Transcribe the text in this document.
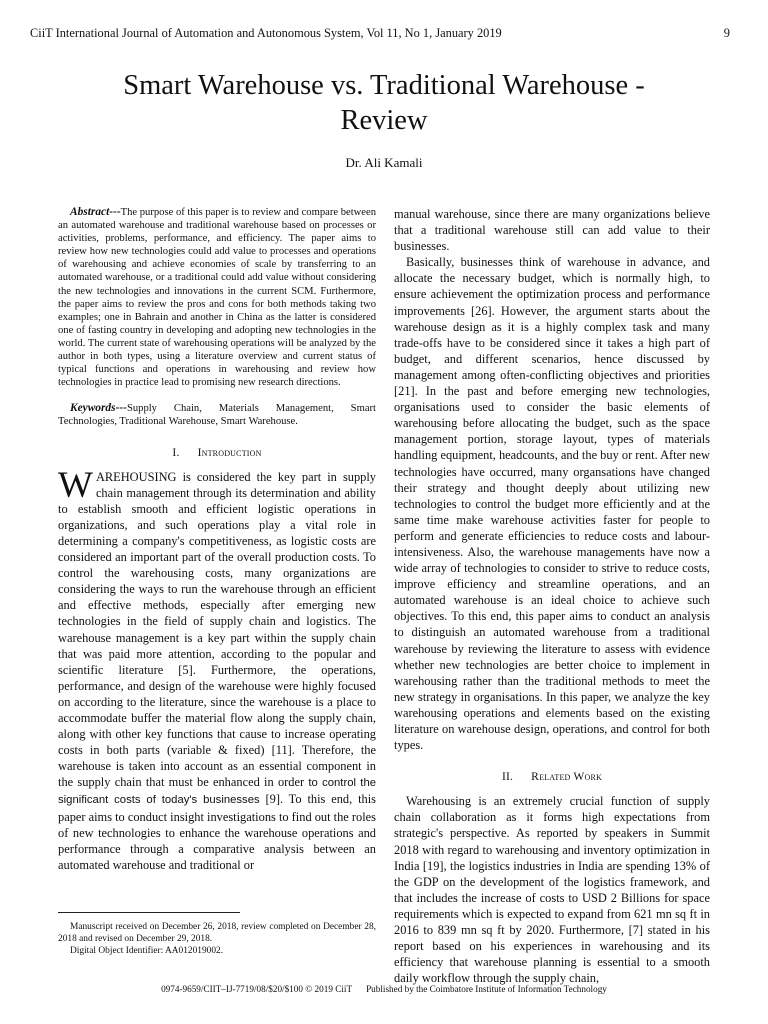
CiiT International Journal of Automation and Autonomous System, Vol 11, No 1, January 2019	9
Smart Warehouse vs. Traditional Warehouse -
Review
Dr. Ali Kamali

Abstract---The purpose of this paper is to review and compare between an automated warehouse and traditional warehouse based on processes or activities, problems, performance, and efficiency. The paper aims to review how new technologies could add value to processes and operations of warehousing and achieve economies of scale by transferring to an automated warehouse, or a traditional could add value without considering the new technologies and innovations in the current SCM. Furthermore, the paper aims to review the pros and cons for both methods taking two examples; one in Bahrain and another in China as the latter is considered one of fasting country in developing and adopting new technologies in the world. The current state of warehousing operations will be analyzed by the author in both types, using a literature overview and current status of typical functions and operations in warehousing and review how technologies in practice lead to promising new research directions.

Keywords---Supply Chain, Materials Management, Smart Technologies, Traditional Warehouse, Smart Warehouse.

I. Introduction

WAREHOUSING is considered the key part in supply chain management through its determination and ability to establish smooth and efficient logistic operations in organizations, and such operations play a vital role in determining a company's competitiveness, as logistic costs are considered an important part of the overall production costs. To control the warehousing costs, many organizations are considering the ways to run the warehouse through an efficient and effective methods, especially after emerging new technologies in the field of supply chain and logistics. The warehouse management is a key part within the supply chain that was paid more attention, according to the popular and scientific literature [5]. Furthermore, the operations, performance, and design of the warehouse were highly focused on according to the literature, since the warehouse is a place to accommodate buffer the material flow along the supply chain, along with other key functions that cause to increase operating costs in both parts (variable & fixed) [11]. Therefore, the warehouse is taken into account as an essential component in the supply chain that must be enhanced in order to control the significant costs of today's businesses [9]. To this end, this paper aims to conduct insight investigations to find out the roles of new technologies to enhance the warehouse operations and performance through a comparative analysis between an automated warehouse and traditional or

manual warehouse, since there are many organizations believe that a traditional warehouse still can add value to their businesses.

Basically, businesses think of warehouse in advance, and allocate the necessary budget, which is normally high, to ensure achievement the optimization process and performance improvements [26]. However, the argument starts about the warehouse design as it is a highly complex task and many trade-offs have to be considered since it takes a high part of budget, and different scenarios, hence discussed by management among often-conflicting objectives and priorities [21]. In the past and before emerging new technologies, organisations used to consider the basic elements of warehousing before allocating the budget, such as the space management portion, storage layout, types of materials handling equipment, headcounts, and the buy or rent. After new technologies have occurred, many organsations have changed their strategy and thought deeply about utilizing new technologies to control the budget more efficiently and at the same time make warehouse activities faster for people to perform and generate efficiencies to reduce costs and labour-intensiveness. Also, the warehouse managements have now a wide array of technologies to consider to strive to reduce costs, improve efficiency and streamline operations, and an automated warehouse is an ideal choice to achieve such objectives. To this end, this paper aims to conduct an analysis to distinguish an automated warehouse from a traditional warehouse by reviewing the literature to assess with evidence whether new technologies are better choice to implement in warehousing rather than the traditional methods to meet the new strategy in organisations. In this paper, we analyze the key warehousing operations and elements based on the existing literature on warehouse design, operations, and control for both types.

II. Related Work

Warehousing is an extremely crucial function of supply chain collaboration as it forms high expectations from strategic's perspective. As reported by speakers in Summit 2018 with regard to warehousing and inventory optimization in India [19], the logistics industries in India are spending 13% of the GDP on the development of the logistics framework, and that includes the increase of costs to USD 2 Billions for space requirements which is expected to expand from 621 mn sq ft in 2016 to 839 mn sq ft by 2020. Furthermore, [7] stated in his report based on his experiences in warehousing and its efficiency that warehouse planning is essential to a smooth daily workflow through the supply chain,

Manuscript received on December 26, 2018, review completed on December 28, 2018 and revised on December 29, 2018.

Digital Object Identifier: AA012019002.

0974-9659/CIIT–IJ-7719/08/$20/$100 © 2019 CiiT Published by the Coimbatore Institute of Information Technology
